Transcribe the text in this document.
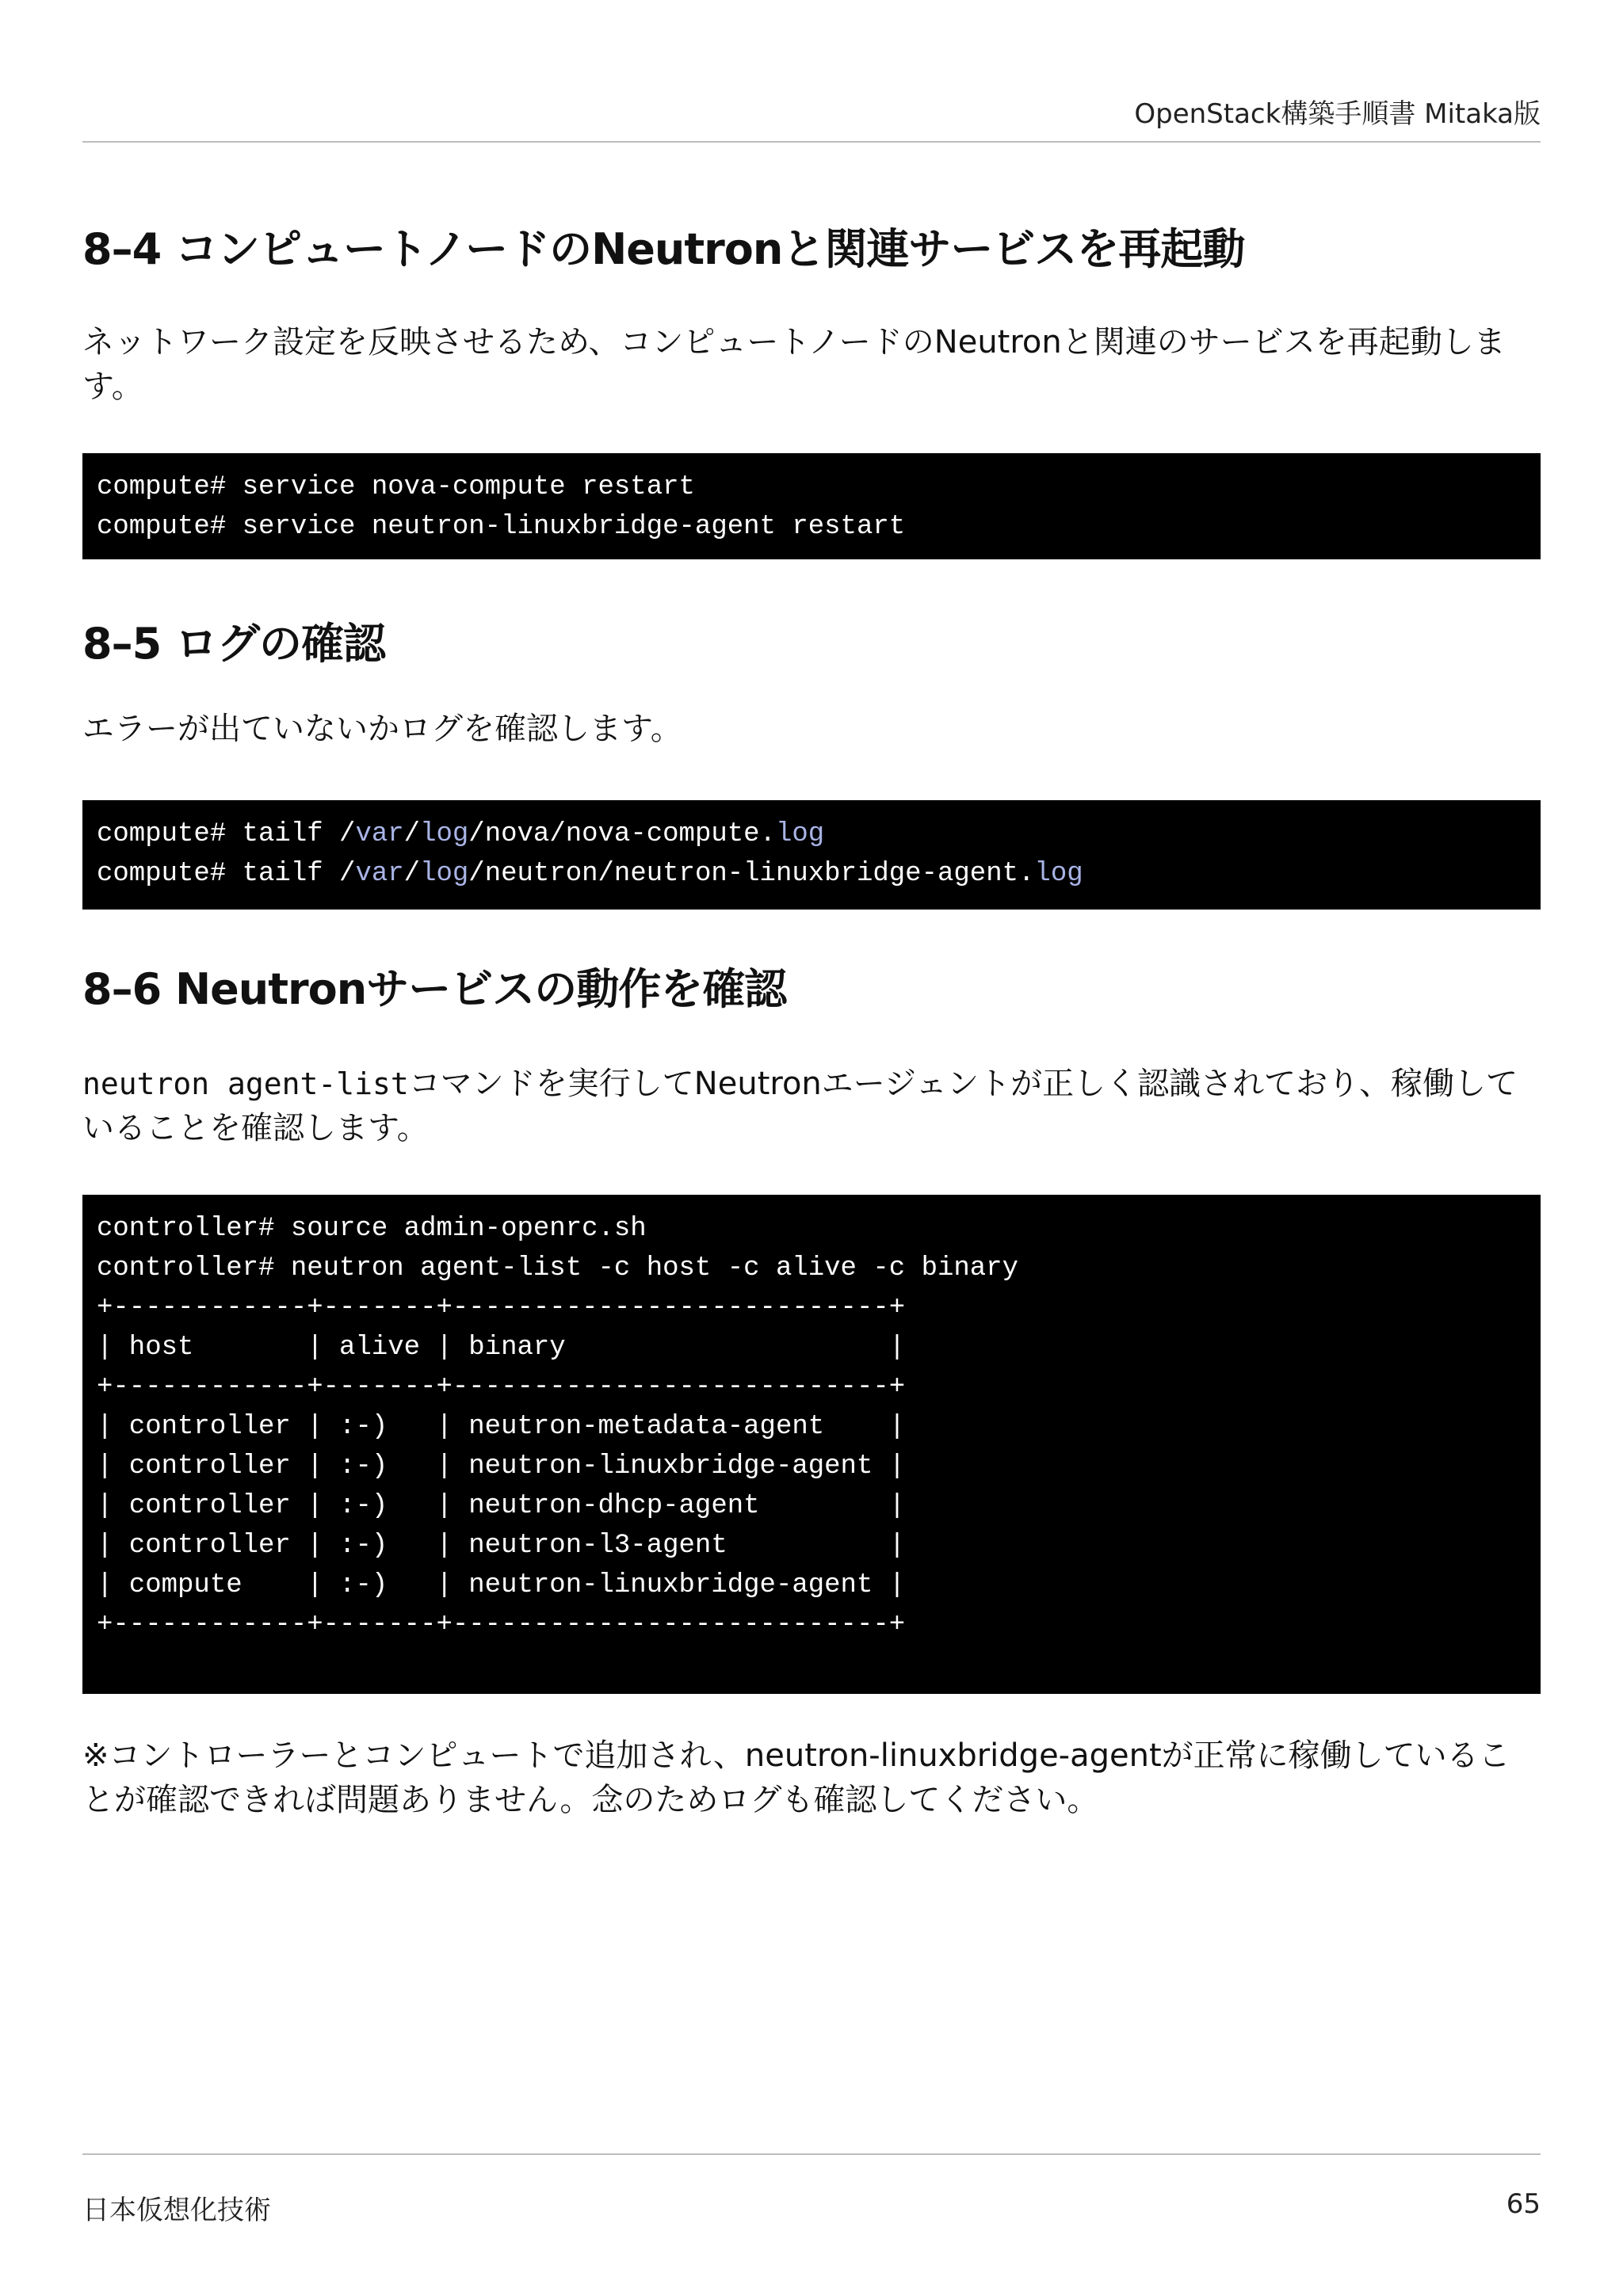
OpenStack構築手順書 Mitaka版
8–4 コンピュートノードのNeutronと関連サービスを再起動

ネットワーク設定を反映させるため、コンピュートノードのNeutronと関連のサービスを再起動します。

compute# service nova-compute restart
compute# service neutron-linuxbridge-agent restart
8–5 ログの確認

エラーが出ていないかログを確認します。

compute# tailf /var/log/nova/nova-compute.log
compute# tailf /var/log/neutron/neutron-linuxbridge-agent.log
8–6 Neutronサービスの動作を確認

neutron agent-listコマンドを実行してNeutronエージェントが正しく認識されており、稼働していることを確認します。

controller# source admin-openrc.sh
controller# neutron agent-list -c host -c alive -c binary
+------------+-------+---------------------------+
| host       | alive | binary                    |
+------------+-------+---------------------------+
| controller | :-)   | neutron-metadata-agent    |
| controller | :-)   | neutron-linuxbridge-agent |
| controller | :-)   | neutron-dhcp-agent        |
| controller | :-)   | neutron-l3-agent          |
| compute    | :-)   | neutron-linuxbridge-agent |
+------------+-------+---------------------------+

※コントローラーとコンピュートで追加され、neutron-linuxbridge-agentが正常に稼働していることが確認できれば問題ありません。念のためログも確認してください。

日本仮想化技術	65
